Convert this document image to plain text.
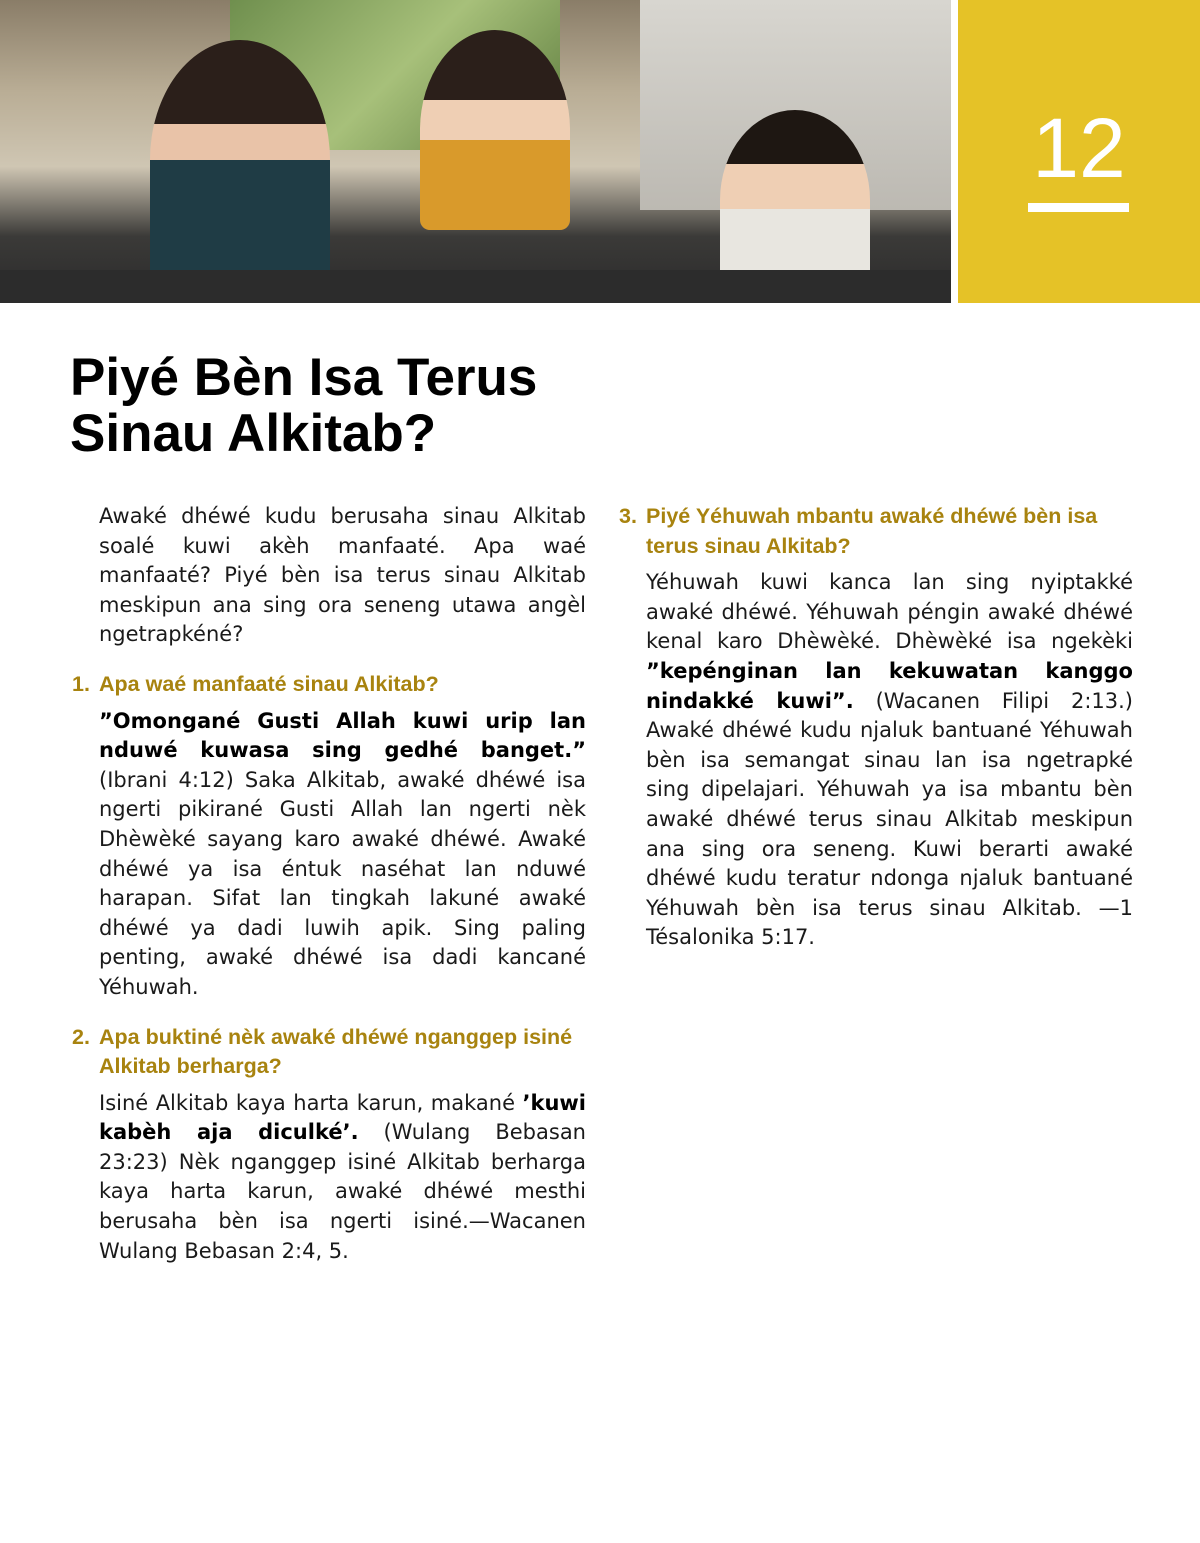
12
Piyé Bèn Isa Terus Sinau Alkitab?

Awaké dhéwé kudu berusaha sinau Alkitab soalé kuwi akèh manfaaté. Apa waé manfaaté? Piyé bèn isa terus sinau Alkitab meskipun ana sing ora seneng utawa angèl ngetrapkéné?

1. Apa waé manfaaté sinau Alkitab?

”Omongané Gusti Allah kuwi urip lan nduwé kuwasa sing gedhé banget.” (Ibrani 4:12) Saka Alkitab, awaké dhéwé isa ngerti pikirané Gusti Allah lan ngerti nèk Dhèwèké sayang karo awaké dhéwé. Awaké dhéwé ya isa éntuk naséhat lan nduwé harapan. Sifat lan tingkah lakuné awaké dhéwé ya dadi luwih apik. Sing paling penting, awaké dhéwé isa dadi kancané Yéhuwah.

2. Apa buktiné nèk awaké dhéwé nganggep isiné Alkitab berharga?

Isiné Alkitab kaya harta karun, makané ’kuwi kabèh aja diculké’. (Wulang Bebasan 23:23) Nèk nganggep isiné Alkitab berharga kaya harta karun, awaké dhéwé mesthi berusaha bèn isa ngerti isiné.—Wacanen Wulang Bebasan 2:4, 5.

3. Piyé Yéhuwah mbantu awaké dhéwé bèn isa terus sinau Alkitab?

Yéhuwah kuwi kanca lan sing nyiptakké awaké dhéwé. Yéhuwah péngin awaké dhéwé kenal karo Dhèwèké. Dhèwèké isa ngekèki ”kepénginan lan kekuwatan kanggo nindakké kuwi”. (Wacanen Filipi 2:13.) Awaké dhéwé kudu njaluk bantuané Yéhuwah bèn isa semangat sinau lan isa ngetrapké sing dipelajari. Yéhuwah ya isa mbantu bèn awaké dhéwé terus sinau Alkitab meskipun ana sing ora seneng. Kuwi berarti awaké dhéwé kudu teratur ndonga njaluk bantuané Yéhuwah bèn isa terus sinau Alkitab. —1 Tésalonika 5:17.
